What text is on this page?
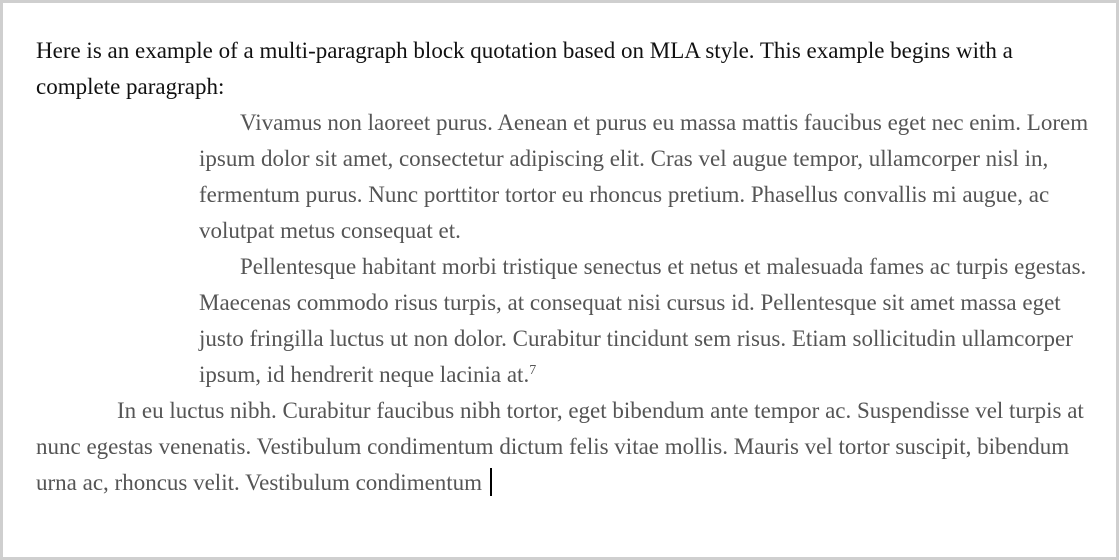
Here is an example of a multi-paragraph block quotation based on MLA style. This example begins with a complete paragraph:

Vivamus non laoreet purus. Aenean et purus eu massa mattis faucibus eget nec enim. Lorem ipsum dolor sit amet, consectetur adipiscing elit. Cras vel augue tempor, ullamcorper nisl in, fermentum purus. Nunc porttitor tortor eu rhoncus pretium. Phasellus convallis mi augue, ac volutpat metus consequat et.

Pellentesque habitant morbi tristique senectus et netus et malesuada fames ac turpis egestas. Maecenas commodo risus turpis, at consequat nisi cursus id. Pellentesque sit amet massa eget justo fringilla luctus ut non dolor. Curabitur tincidunt sem risus. Etiam sollicitudin ullamcorper ipsum, id hendrerit neque lacinia at.$^7$

In eu luctus nibh. Curabitur faucibus nibh tortor, eget bibendum ante tempor ac. Suspendisse vel turpis at nunc egestas venenatis. Vestibulum condimentum dictum felis vitae mollis. Mauris vel tortor suscipit, bibendum urna ac, rhoncus velit. Vestibulum condimentum
